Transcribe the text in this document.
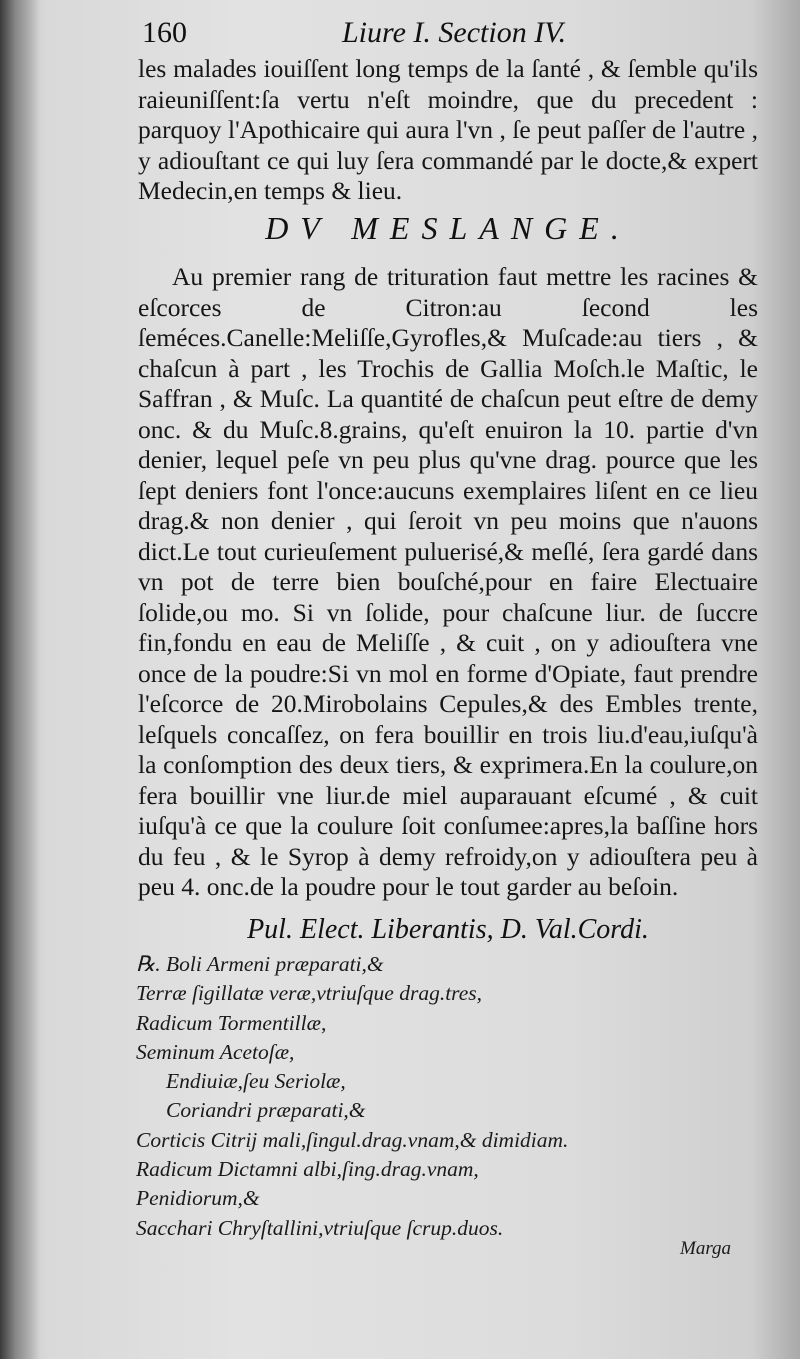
160	Liure I. Section IV.
les malades iouiſſent long temps de la ſanté , & ſemble qu'ils raieuniſſent:ſa vertu n'eſt moindre, que du precedent : parquoy l'Apothicaire qui aura l'vn , ſe peut paſſer de l'autre , y adiouſtant ce qui luy ſera commandé par le docte,& expert Medecin,en temps & lieu.
DV MESLANGE.
Au premier rang de trituration faut mettre les racines & eſcorces de Citron:au ſecond les ſeméces.Canelle:Meliſſe,Gyrofles,& Muſcade:au tiers , & chaſcun à part , les Trochis de Gallia Moſch.le Maſtic, le Saffran , & Muſc. La quantité de chaſcun peut eſtre de demy onc. & du Muſc.8.grains, qu'eſt enuiron la 10. partie d'vn denier, lequel peſe vn peu plus qu'vne drag. pource que les ſept deniers font l'once:aucuns exemplaires liſent en ce lieu drag.& non denier , qui ſeroit vn peu moins que n'auons dict.Le tout curieuſement puluerisé,& meſlé, ſera gardé dans vn pot de terre bien bouſché,pour en faire Electuaire ſolide,ou mo. Si vn ſolide, pour chaſcune liur. de ſuccre fin,fondu en eau de Meliſſe , & cuit , on y adiouſtera vne once de la poudre:Si vn mol en forme d'Opiate, faut prendre l'eſcorce de 20.Mirobolains Cepules,& des Embles trente, leſquels concaſſez, on fera bouillir en trois liu.d'eau,iuſqu'à la conſomption des deux tiers, & exprimera.En la coulure,on fera bouillir vne liur.de miel auparauant eſcumé , & cuit iuſqu'à ce que la coulure ſoit conſumee:apres,la baſſine hors du feu , & le Syrop à demy refroidy,on y adiouſtera peu à peu 4. onc.de la poudre pour le tout garder au beſoin.
Pul. Elect. Liberantis, D. Val.Cordi.
℞. Boli Armeni præparati,&
Terræ ſigillatæ veræ,vtriuſque drag.tres,
Radicum Tormentillæ,
Seminum Acetoſæ,
Endiuiæ,ſeu Seriolæ,
Coriandri præparati,&
Corticis Citrij mali,ſingul.drag.vnam,& dimidiam.
Radicum Dictamni albi,ſing.drag.vnam,
Penidiorum,&
Sacchari Chryſtallini,vtriuſque ſcrup.duos.
Marga
